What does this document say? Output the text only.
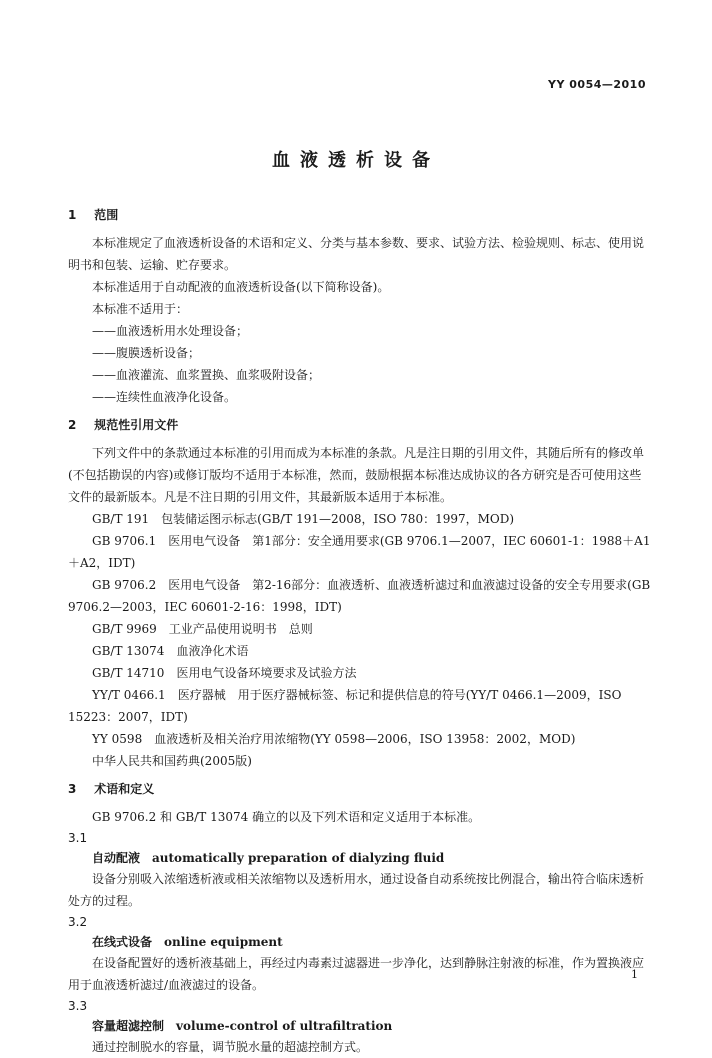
YY 0054—2010
血液透析设备
1 范围

本标准规定了血液透析设备的术语和定义、分类与基本参数、要求、试验方法、检验规则、标志、使用说明书和包装、运输、贮存要求。

本标准适用于自动配液的血液透析设备(以下简称设备)。

本标准不适用于：

——血液透析用水处理设备；

——腹膜透析设备；

——血液灌流、血浆置换、血浆吸附设备；

——连续性血液净化设备。

2 规范性引用文件

下列文件中的条款通过本标准的引用而成为本标准的条款。凡是注日期的引用文件，其随后所有的修改单(不包括勘误的内容)或修订版均不适用于本标准，然而，鼓励根据本标准达成协议的各方研究是否可使用这些文件的最新版本。凡是不注日期的引用文件，其最新版本适用于本标准。

GB/T 191　包装储运图示标志(GB/T 191—2008，ISO 780：1997，MOD)

GB 9706.1　医用电气设备　第1部分：安全通用要求(GB 9706.1—2007，IEC 60601-1：1988＋A1＋A2，IDT)

GB 9706.2　医用电气设备　第2-16部分：血液透析、血液透析滤过和血液滤过设备的安全专用要求(GB 9706.2—2003，IEC 60601-2-16：1998，IDT)

GB/T 9969　工业产品使用说明书　总则

GB/T 13074　血液净化术语

GB/T 14710　医用电气设备环境要求及试验方法

YY/T 0466.1　医疗器械　用于医疗器械标签、标记和提供信息的符号(YY/T 0466.1—2009，ISO 15223：2007，IDT)

YY 0598　血液透析及相关治疗用浓缩物(YY 0598—2006，ISO 13958：2002，MOD)

中华人民共和国药典(2005版)

3 术语和定义

GB 9706.2 和 GB/T 13074 确立的以及下列术语和定义适用于本标准。

3.1
自动配液 automatically preparation of dialyzing fluid

设备分别吸入浓缩透析液或相关浓缩物以及透析用水，通过设备自动系统按比例混合，输出符合临床透析处方的过程。

3.2
在线式设备 online equipment

在设备配置好的透析液基础上，再经过内毒素过滤器进一步净化，达到静脉注射液的标准，作为置换液应用于血液透析滤过/血液滤过的设备。

3.3
容量超滤控制 volume-control of ultrafiltration

通过控制脱水的容量，调节脱水量的超滤控制方式。

1
